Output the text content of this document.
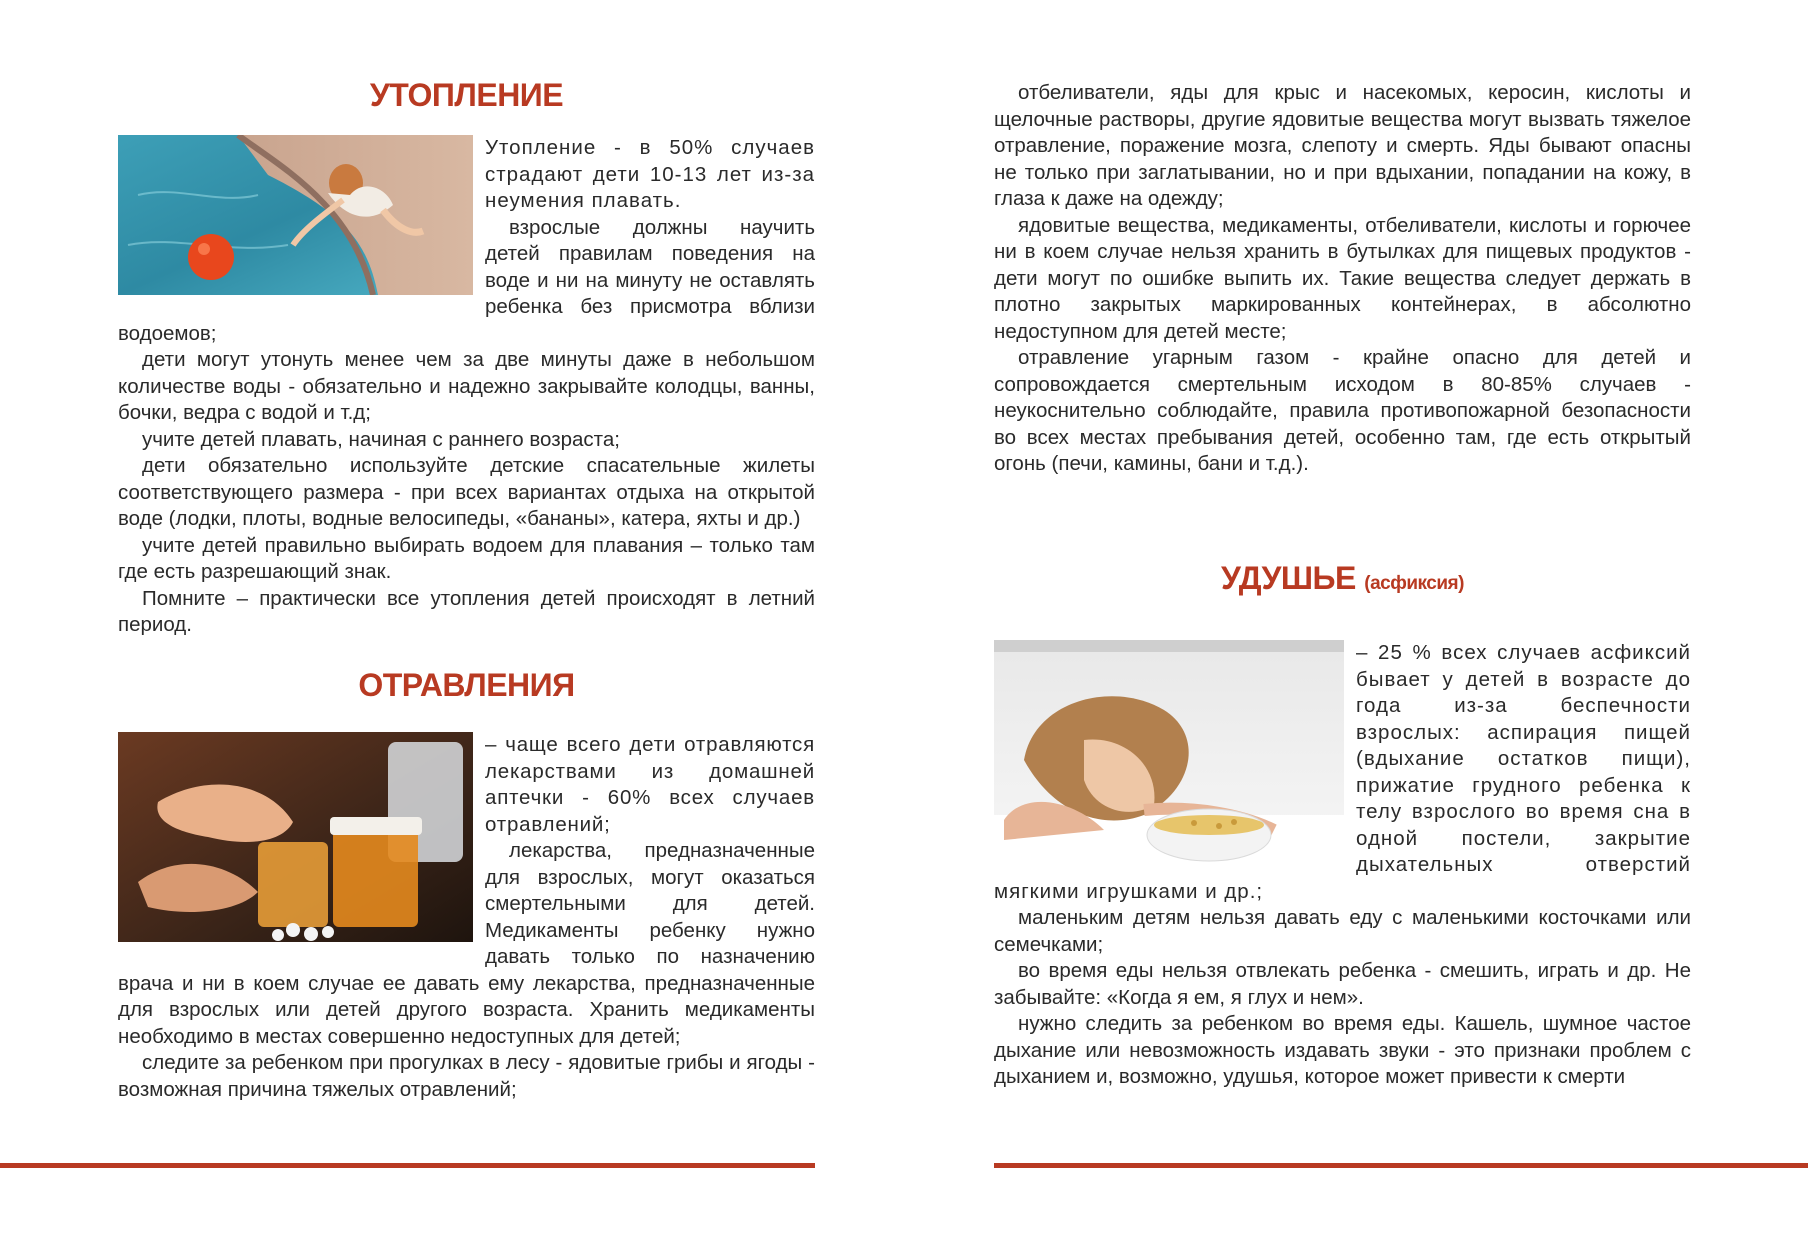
УТОПЛЕНИЕ

Утопление - в 50% случаев страдают дети 10-13 лет из-за неумения плавать.

взрослые должны научить детей правилам поведения на воде и ни на минуту не оставлять ребенка без присмотра вблизи водоемов;

дети могут утонуть менее чем за две минуты даже в небольшом количестве воды - обязательно и надежно закрывайте колодцы, ванны, бочки, ведра с водой и т.д;

учите детей плавать, начиная с раннего возраста;

дети обязательно используйте детские спасательные жилеты соответствующего размера - при всех вариантах отдыха на открытой воде (лодки, плоты, водные велосипеды, «бананы», катера, яхты и др.)

учите детей правильно выбирать водоем для плавания – только там где есть разрешающий знак.

Помните – практически все утопления детей происходят в летний период.

ОТРАВЛЕНИЯ

– чаще всего дети отравляются лекарствами из домашней аптечки - 60% всех случаев отравлений;

лекарства, предназначенные для взрослых, могут оказаться смертельными для детей. Медикаменты ребенку нужно давать только по назначению врача и ни в коем случае ее давать ему лекарства, предназначенные для взрослых или детей другого возраста. Хранить медикаменты необходимо в местах совершенно недоступных для детей;

следите за ребенком при прогулках в лесу - ядовитые грибы и ягоды - возможная причина тяжелых отравлений;

отбеливатели, яды для крыс и насекомых, керосин, кислоты и щелочные растворы, другие ядовитые вещества могут вызвать тяжелое отравление, поражение мозга, слепоту и смерть. Яды бывают опасны не только при заглатывании, но и при вдыхании, попадании на кожу, в глаза к даже на одежду;

ядовитые вещества, медикаменты, отбеливатели, кислоты и горючее ни в коем случае нельзя хранить в бутылках для пищевых продуктов - дети могут по ошибке выпить их. Такие вещества следует держать в плотно закрытых маркированных контейнерах, в абсолютно недоступном для детей месте;

отравление угарным газом - крайне опасно для детей и сопровождается смертельным исходом в 80-85% случаев - неукоснительно соблюдайте, правила противопожарной безопасности во всех местах пребывания детей, особенно там, где есть открытый огонь (печи, камины, бани и т.д.).

УДУШЬЕ (асфиксия)

– 25 % всех случаев асфиксий бывает у детей в возрасте до года из-за беспечности взрослых: аспирация пищей (вдыхание остатков пищи), прижатие грудного ребенка к телу взрослого во время сна в одной постели, закрытие дыхательных отверстий мягкими игрушками и др.;

маленьким детям нельзя давать еду с маленькими косточками или семечками;

во время еды нельзя отвлекать ребенка - смешить, играть и др. Не забывайте: «Когда я ем, я глух и нем».

нужно следить за ребенком во время еды. Кашель, шумное частое дыхание или невозможность издавать звуки - это признаки проблем с дыханием и, возможно, удушья, которое может привести к смерти
